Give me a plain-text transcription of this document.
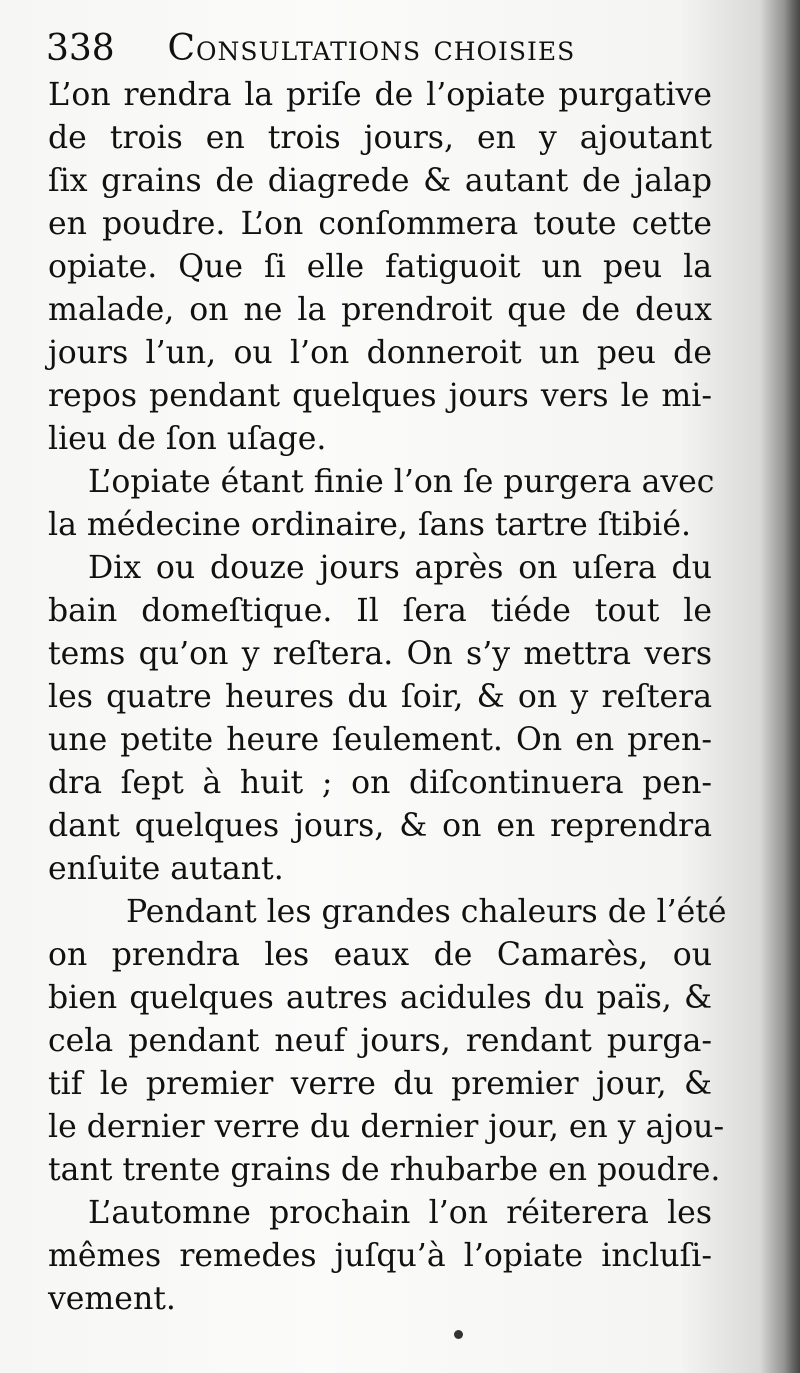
338 Consultations choisies
L’on rendra la priſe de l’opiate purgative
de trois en trois jours, en y ajoutant
ſix grains de diagrede & autant de jalap
en poudre. L’on conſommera toute cette
opiate. Que ſi elle fatiguoit un peu la
malade, on ne la prendroit que de deux
jours l’un, ou l’on donneroit un peu de
repos pendant quelques jours vers le mi-
lieu de ſon uſage.
L’opiate étant finie l’on ſe purgera avec
la médecine ordinaire, ſans tartre ſtibié.
Dix ou douze jours après on uſera du
bain domeſtique. Il ſera tiéde tout le
tems qu’on y reſtera. On s’y mettra vers
les quatre heures du ſoir, & on y reſtera
une petite heure ſeulement. On en pren-
dra ſept à huit ; on diſcontinuera pen-
dant quelques jours, & on en reprendra
enſuite autant.
Pendant les grandes chaleurs de l’été
on prendra les eaux de Camarès, ou
bien quelques autres acidules du païs, &
cela pendant neuf jours, rendant purga-
tif le premier verre du premier jour, &
le dernier verre du dernier jour, en y ajou-
tant trente grains de rhubarbe en poudre.
L’automne prochain l’on réiterera les
mêmes remedes juſqu’à l’opiate incluſi-
vement.
